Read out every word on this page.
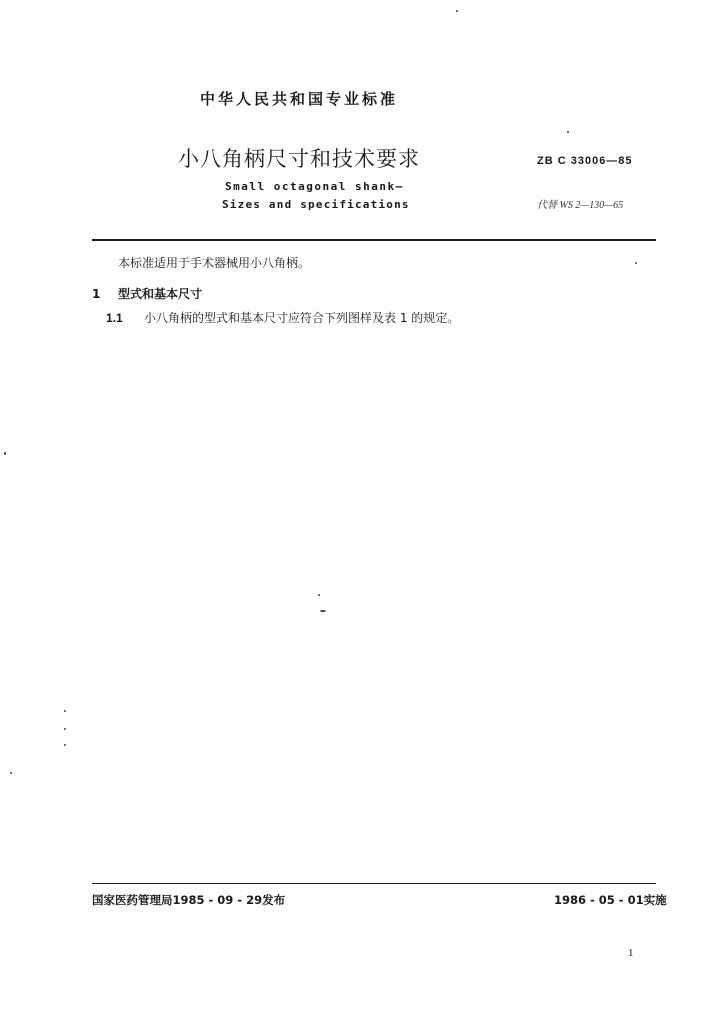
中华人民共和国专业标准
小八角柄尺寸和技术要求	ZB C 33006—85
Small octagonal shank—
Sizes and specifications	代替 WS 2—130—65
本标准适用于手术器械用小八角柄。
1 型式和基本尺寸
1.1 小八角柄的型式和基本尺寸应符合下列图样及表 1 的规定。
国家医药管理局1985 - 09 - 29发布	1986 - 05 - 01实施
1
